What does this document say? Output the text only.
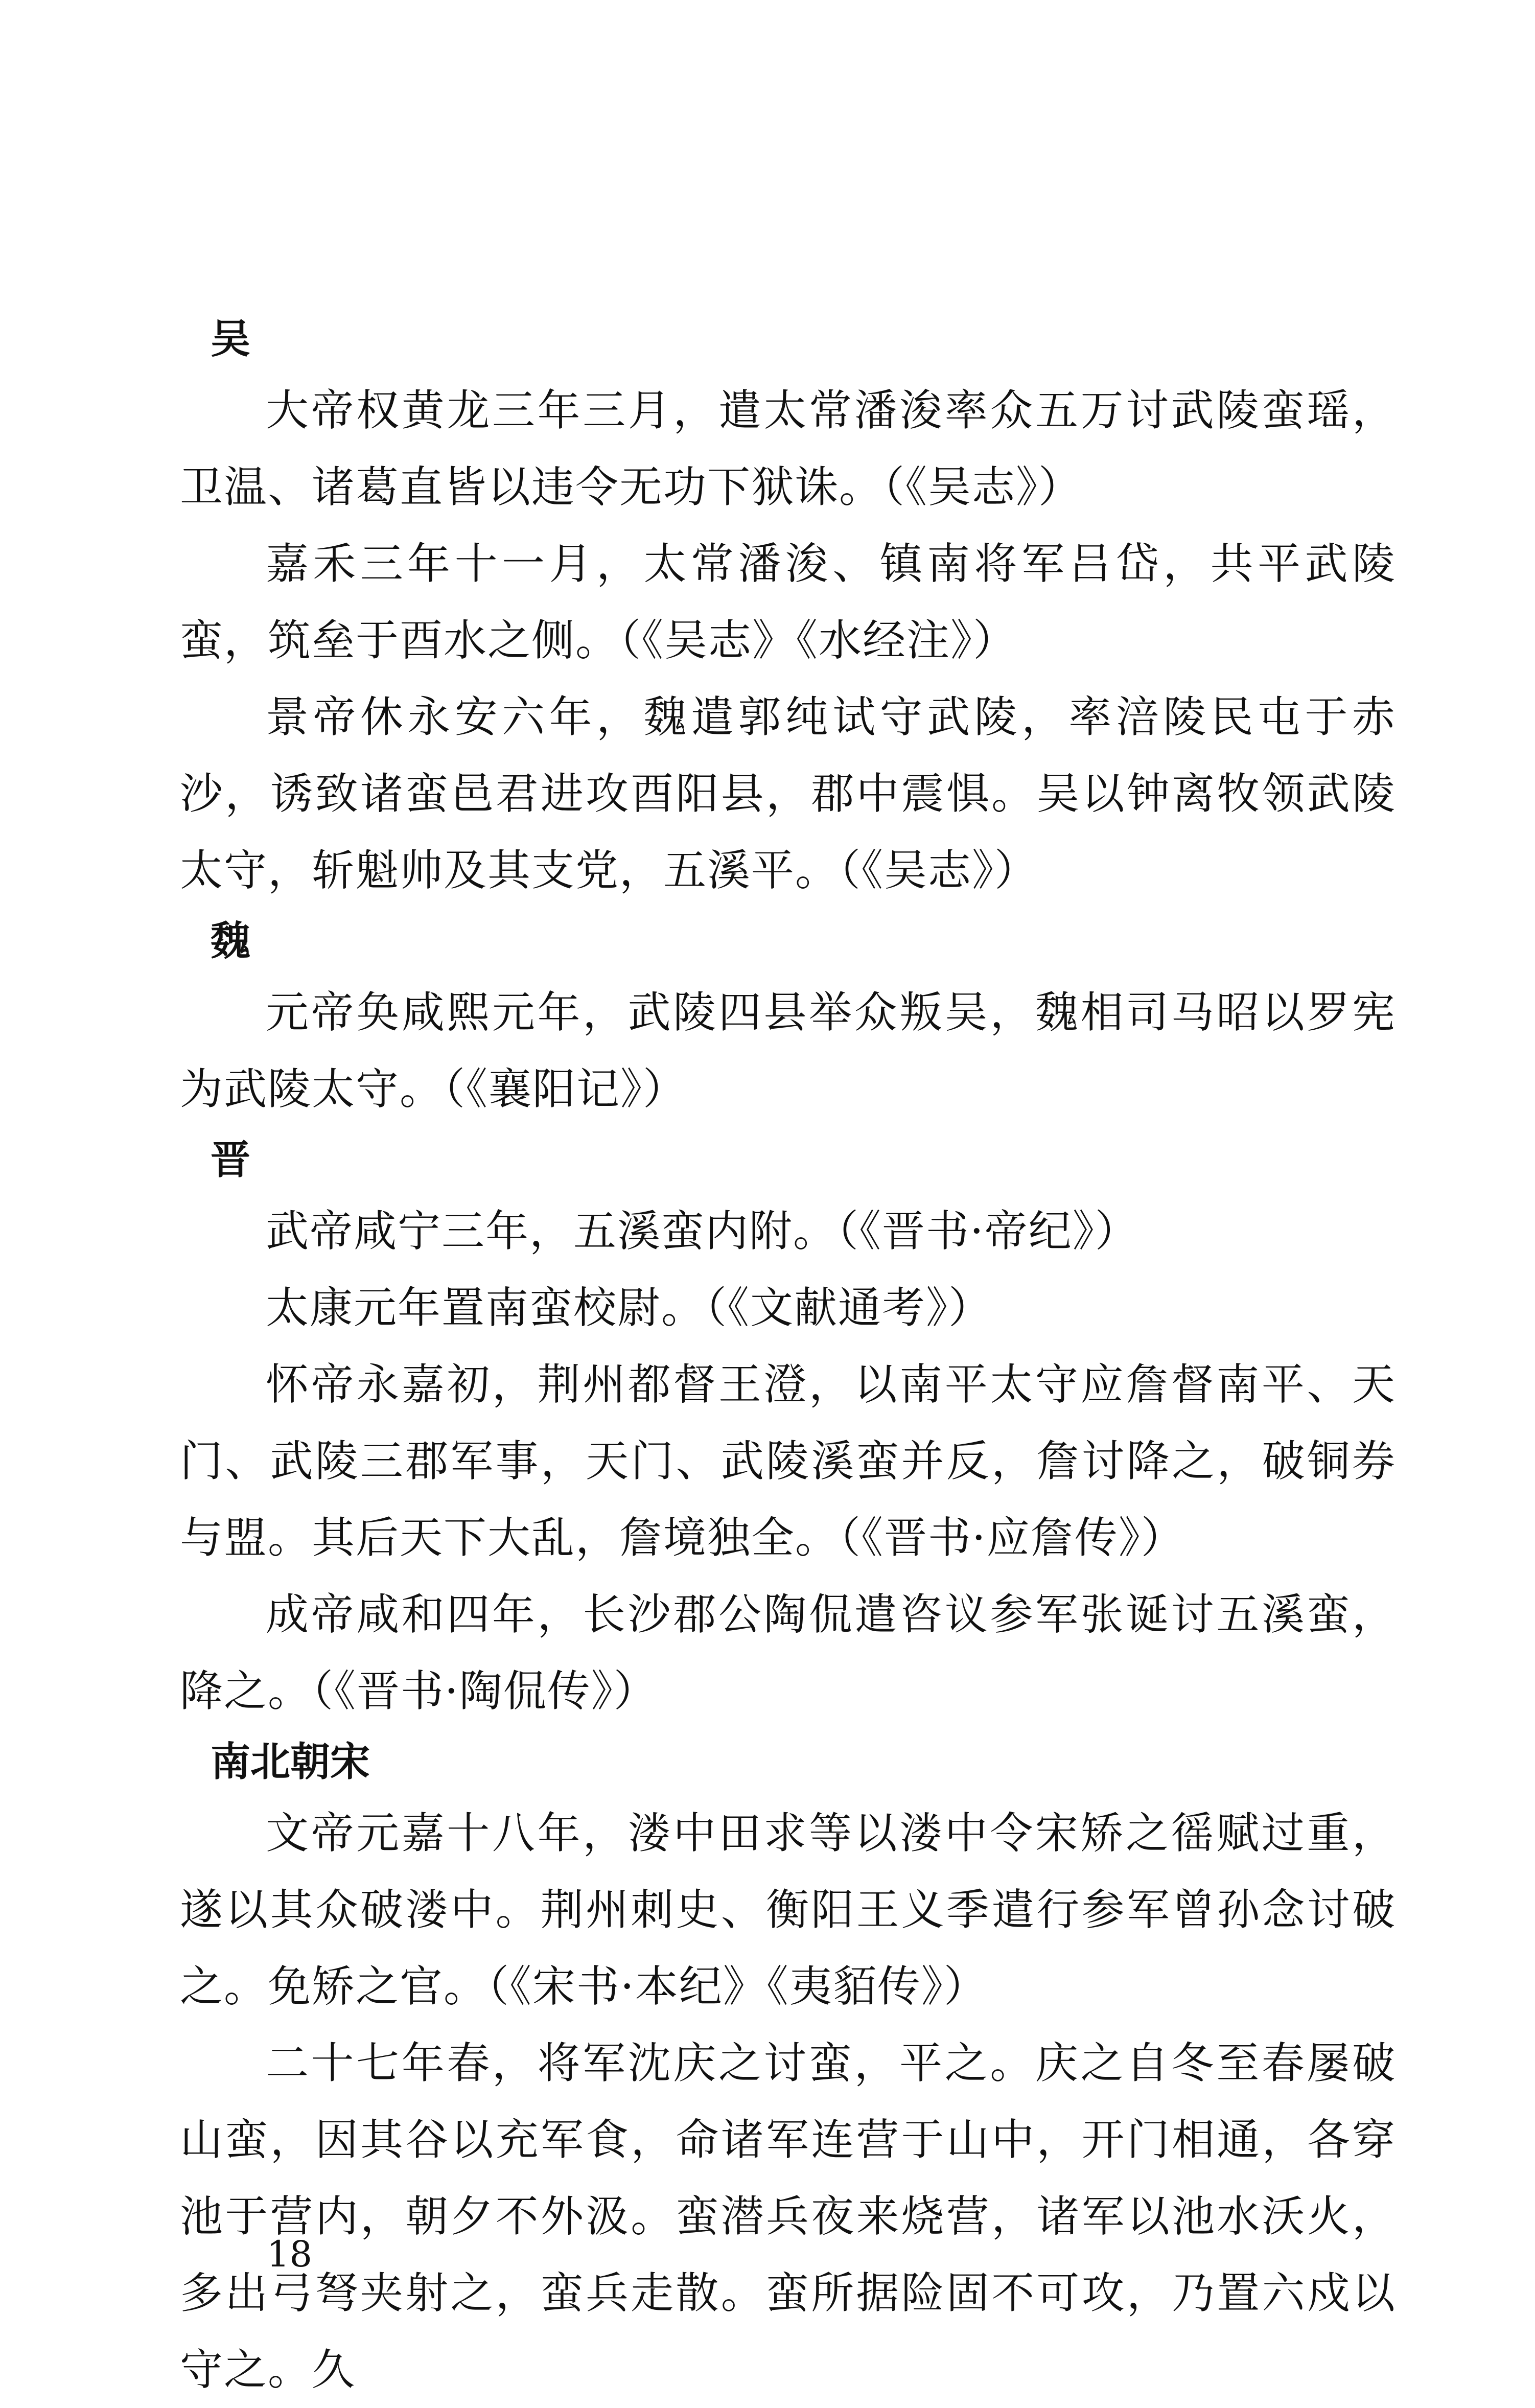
吴

大帝权黄龙三年三月，遣太常潘浚率众五万讨武陵蛮瑶，卫温、诸葛直皆以违令无功下狱诛。（《吴志》）

嘉禾三年十一月，太常潘浚、镇南将军吕岱，共平武陵蛮，筑垒于酉水之侧。（《吴志》《水经注》）

景帝休永安六年，魏遣郭纯试守武陵，率涪陵民屯于赤沙，诱致诸蛮邑君进攻酉阳县，郡中震惧。吴以钟离牧领武陵太守，斩魁帅及其支党，五溪平。（《吴志》）

魏

元帝奂咸熙元年，武陵四县举众叛吴，魏相司马昭以罗宪为武陵太守。（《襄阳记》）

晋

武帝咸宁三年，五溪蛮内附。（《晋书·帝纪》）

太康元年置南蛮校尉。（《文献通考》）

怀帝永嘉初，荆州都督王澄，以南平太守应詹督南平、天门、武陵三郡军事，天门、武陵溪蛮并反，詹讨降之，破铜券与盟。其后天下大乱，詹境独全。（《晋书·应詹传》）

成帝咸和四年，长沙郡公陶侃遣咨议参军张诞讨五溪蛮，降之。（《晋书·陶侃传》）

南北朝宋

文帝元嘉十八年，溇中田求等以溇中令宋矫之徭赋过重，遂以其众破溇中。荆州刺史、衡阳王义季遣行参军曾孙念讨破之。免矫之官。（《宋书·本纪》《夷貊传》）

二十七年春，将军沈庆之讨蛮，平之。庆之自冬至春屡破山蛮，因其谷以充军食，命诸军连营于山中，开门相通，各穿池于营内，朝夕不外汲。蛮潜兵夜来烧营，诸军以池水沃火，多出弓弩夹射之，蛮兵走散。蛮所据险固不可攻，乃置六戍以守之。久

18
